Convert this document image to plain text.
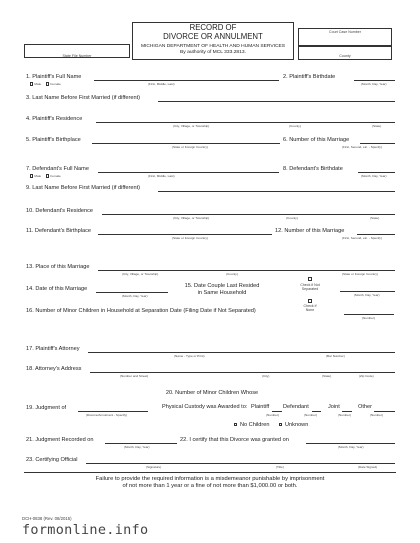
RECORD OF
DIVORCE OR ANNULMENT
MICHIGAN DEPARTMENT OF HEALTH AND HUMAN SERVICES
By authority of MCL 333.2813.
Court Case Number
State File Number	County
1. Plaintiff's Full Name
(First, Middle, Last)
Male	Female
2. Plaintiff's Birthdate
(Month, Day, Year)
3. Last Name Before First Married (if different)
4. Plaintiff's Residence
(City, Village, or Township)	(County)	(State)
5. Plaintiff's Birthplace
(State or Foreign Country)
6. Number of this Marriage
(First, Second, etc. - Specify)
7. Defendant's Full Name
(First, Middle, Last)
Male	Female
8. Defendant's Birthdate
(Month, Day, Year)
9. Last Name Before First Married (if different)
10. Defendant's Residence
(City, Village, or Township)	(County)	(State)
11. Defendant's Birthplace
(State or Foreign Country)
12. Number of this Marriage
(First, Second, etc. - Specify)
13. Place of this Marriage
(City, Village, or Township)	(County)	(State or Foreign Country)
14. Date of this Marriage
(Month, Day, Year)
15. Date Couple Last Resided
in Same Household
Check if Not
Separated
(Month, Day, Year)
Check if
None
16. Number of Minor Children in Household at Separation Date (Filing Date if Not Separated)
(Number)
17. Plaintiff's Attorney
(Name - Type or Print)	(Bar Number)
18. Attorney's Address
(Number and Street)	(City)	(State)	(Zip Code)
19. Judgment of
(Divorce/Annulment - Specify)
20. Number of Minor Children Whose
Physical Custody was Awarded to: Plaintiff Defendant	Joint	Other
(Number)	(Number)	(Number)	(Number)
No Children	Unknown
21. Judgment Recorded on
(Month, Day, Year)
22. I certify that this Divorce was granted on
(Month, Day, Year)
23. Certifying Official
(Signature)	(Title)	(Date Signed)
Failure to provide the required information is a misdemeanor punishable by imprisonment
of not more than 1 year or a fine of not more than $1,000.00 or both.
DCH-0838 (Rev. 08/2015)
formonline.info
